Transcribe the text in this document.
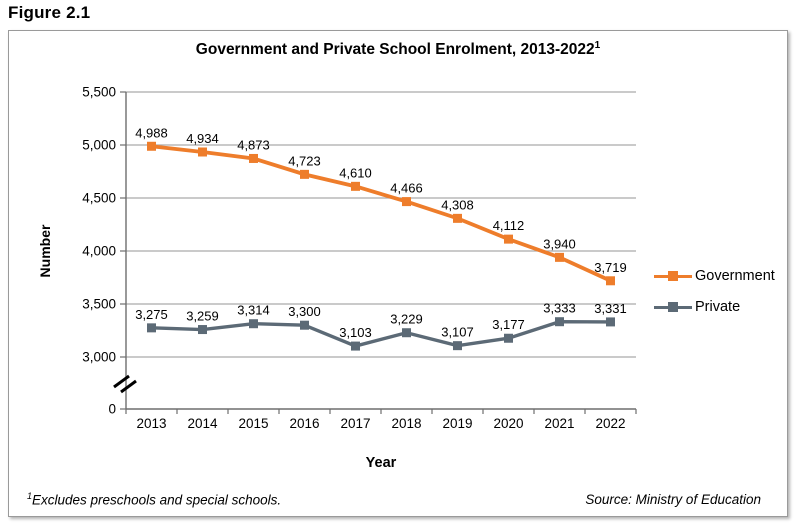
Figure 2.1
Government and Private School Enrolment, 2013-2022$^1$
Number
5,500
5,000
4,500
4,000
3,500
3,000
0
2013 2014 2015 2016 2017 2018 2019 2020 2021 2022
4,988 4,934 4,873
4,723
4,610
4,466
4,308
4,112
3,940
3,719
3,275 3,259 3,314 3,300
3,103
3,229
3,107 3,177
3,333 3,331
Government
Private
Year
$^1$Excludes preschools and special schools.	Source: Ministry of Education
